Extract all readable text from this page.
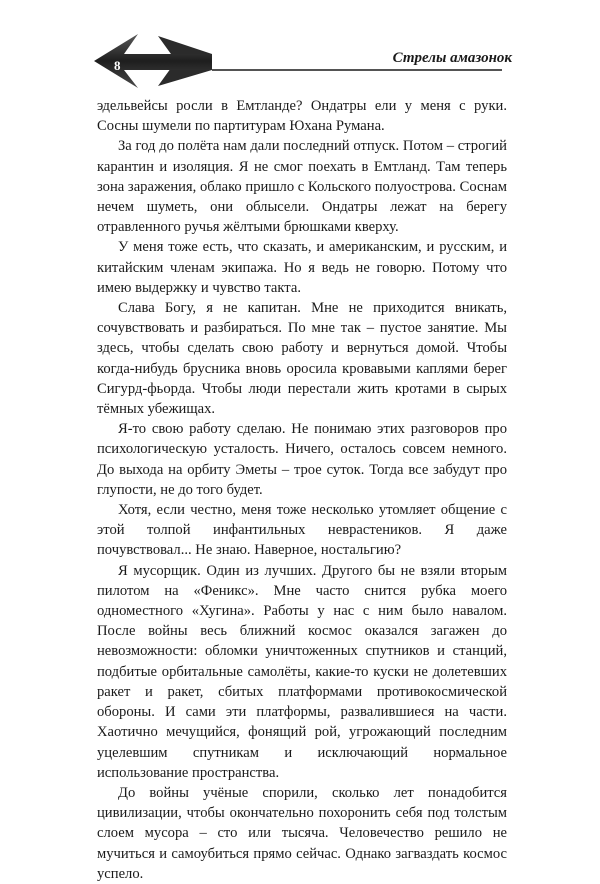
8	Стрелы амазонок

эдельвейсы росли в Емтланде? Ондатры ели у меня с руки. Сосны шумели по партитурам Юхана Румана.

За год до полёта нам дали последний отпуск. Потом – строгий карантин и изоляция. Я не смог поехать в Емтланд. Там теперь зона заражения, облако пришло с Кольского полуострова. Соснам нечем шуметь, они облысели. Ондатры лежат на берегу отравленного ручья жёлтыми брюшками кверху.

У меня тоже есть, что сказать, и американским, и русским, и китайским членам экипажа. Но я ведь не говорю. Потому что имею выдержку и чувство такта.

Слава Богу, я не капитан. Мне не приходится вникать, сочувствовать и разбираться. По мне так – пустое занятие. Мы здесь, чтобы сделать свою работу и вернуться домой. Чтобы когда-нибудь брусника вновь оросила кровавыми каплями берег Сигурд-фьорда. Чтобы люди перестали жить кротами в сырых тёмных убежищах.

Я-то свою работу сделаю. Не понимаю этих разговоров про психологическую усталость. Ничего, осталось совсем немного. До выхода на орбиту Эметы – трое суток. Тогда все забудут про глупости, не до того будет.

Хотя, если честно, меня тоже несколько утомляет общение с этой толпой инфантильных неврастеников. Я даже почувствовал... Не знаю. Наверное, ностальгию?

Я мусорщик. Один из лучших. Другого бы не взяли вторым пилотом на «Феникс». Мне часто снится рубка моего одноместного «Хугина». Работы у нас с ним было навалом. После войны весь ближний космос оказался загажен до невозможности: обломки уничтоженных спутников и станций, подбитые орбитальные самолёты, какие-то куски не долетевших ракет и ракет, сбитых платформами противокосмической обороны. И сами эти платформы, развалившиеся на части. Хаотично мечущийся, фонящий рой, угрожающий последним уцелевшим спутникам и исключающий нормальное использование пространства.

До войны учёные спорили, сколько лет понадобится цивилизации, чтобы окончательно похоронить себя под толстым слоем мусора – сто или тысяча. Человечество решило не мучиться и самоубиться прямо сейчас. Однако загваздать космос успело.
